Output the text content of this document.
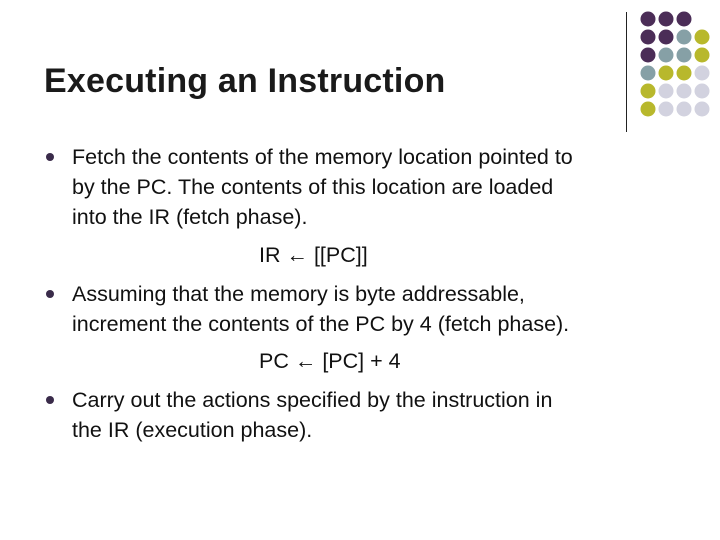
Executing an Instruction
Fetch the contents of the memory location pointed to
by the PC. The contents of this location are loaded
into the IR (fetch phase).
IR ← [[PC]]
Assuming that the memory is byte addressable,
increment the contents of the PC by 4 (fetch phase).
PC ← [PC] + 4
Carry out the actions specified by the instruction in
the IR (execution phase).
